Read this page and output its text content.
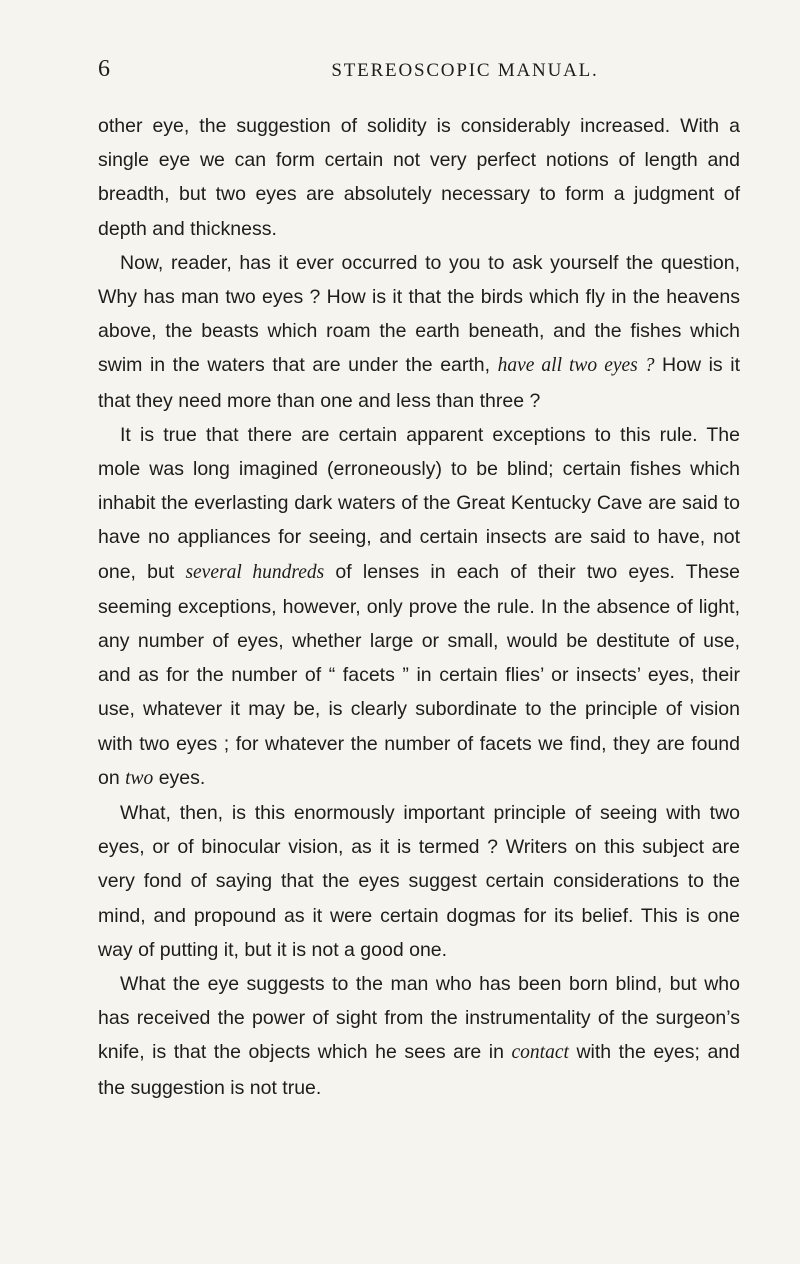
6	STEREOSCOPIC MANUAL.

other eye, the suggestion of solidity is considerably increased. With a single eye we can form certain not very perfect notions of length and breadth, but two eyes are absolutely necessary to form a judgment of depth and thickness.

Now, reader, has it ever occurred to you to ask yourself the question, Why has man two eyes ? How is it that the birds which fly in the heavens above, the beasts which roam the earth beneath, and the fishes which swim in the waters that are under the earth, have all two eyes ? How is it that they need more than one and less than three ?

It is true that there are certain apparent exceptions to this rule. The mole was long imagined (erroneously) to be blind; certain fishes which inhabit the everlasting dark waters of the Great Kentucky Cave are said to have no appliances for seeing, and certain insects are said to have, not one, but several hundreds of lenses in each of their two eyes. These seeming exceptions, however, only prove the rule. In the absence of light, any number of eyes, whether large or small, would be destitute of use, and as for the number of “ facets ” in certain flies’ or insects’ eyes, their use, whatever it may be, is clearly subordinate to the principle of vision with two eyes ; for whatever the number of facets we find, they are found on two eyes.

What, then, is this enormously important principle of seeing with two eyes, or of binocular vision, as it is termed ? Writers on this subject are very fond of saying that the eyes suggest certain considerations to the mind, and propound as it were certain dogmas for its belief. This is one way of putting it, but it is not a good one.

What the eye suggests to the man who has been born blind, but who has received the power of sight from the instrumentality of the surgeon’s knife, is that the objects which he sees are in contact with the eyes; and the suggestion is not true.
